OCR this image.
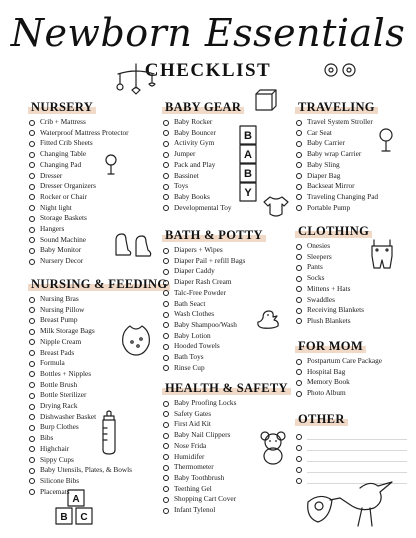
Newborn Essentials
CHECKLIST
NURSERY
Crib + Mattress
Waterproof Mattress Protector
Fitted Crib Sheets
Changing Table
Changing Pad
Dresser
Dresser Organizers
Rocker or Chair
Night light
Storage Baskets
Hangers
Sound Machine
Baby Monitor
Nursery Decor
NURSING & FEEDING
Nursing Bras
Nursing Pillow
Breast Pump
Milk Storage Bags
Nipple Cream
Breast Pads
Formula
Bottles + Nipples
Bottle Brush
Bottle Sterilizer
Drying Rack
Dishwasher Basket
Burp Clothes
Bibs
Highchair
Sippy Cups
Baby Utensils, Plates, & Bowls
Silicone Bibs
Placemats
BABY GEAR
Baby Rocker
Baby Bouncer
Activity Gym
Jumper
Pack and Play
Bassinet
Toys
Baby Books
Developmental Toy
BATH & POTTY
Diapers + Wipes
Diaper Pail + refill Bags
Diaper Caddy
Diaper Rash Cream
Talc-Free Powder
Bath Seact
Wash Clothes
Baby Shampoo/Wash
Baby Lotion
Hooded Towels
Bath Toys
Rinse Cup
HEALTH & SAFETY
Baby Proofing Locks
Safety Gates
First Aid Kit
Baby Nail Clippers
Nose Frida
Humidifer
Thermometer
Baby Toothbrush
Teething Gel
Shopping Cart Cover
Infant Tylenol
TRAVELING
Travel System Stroller
Car Seat
Baby Carrier
Baby wrap Carrier
Baby Sling
Diaper Bag
Backseat Mirror
Traveling Changing Pad
Portable Pump
CLOTHING
Onesies
Sleepers
Pants
Socks
Mittens + Hats
Swaddles
Receiving Blankets
Plush Blankets
FOR MOM
Postpartum Care Package
Hospital Bag
Memory Book
Photo Album
OTHER
B
A
B
Y
A
B C
